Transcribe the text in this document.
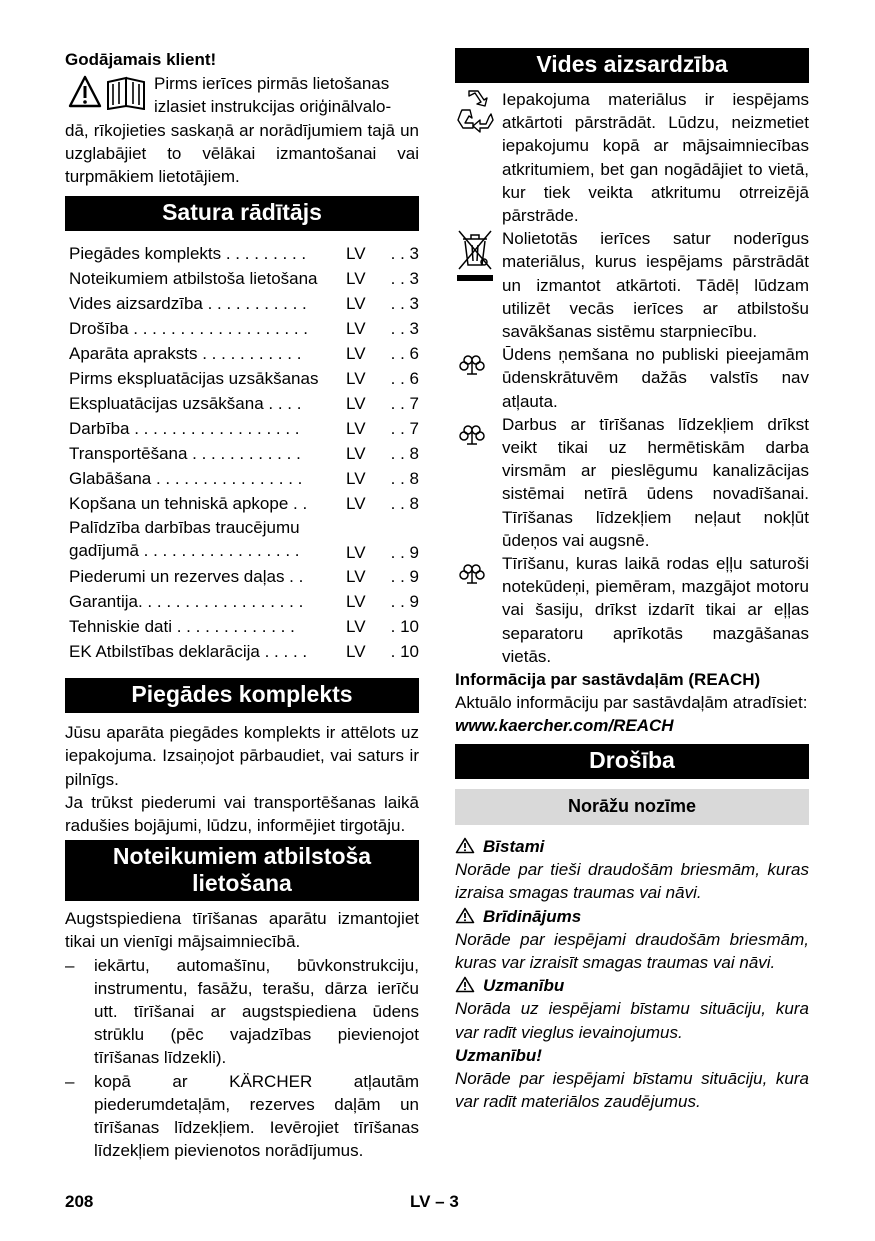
Godājamais klient!

Pirms ierīces pirmās lietošanas

izlasiet instrukcijas oriģinālvalo-

dā, rīkojieties saskaņā ar norādījumiem tajā un uzglabājiet to vēlākai izmantošanai vai turpmākiem lietotājiem.

Satura rādītājs
Piegādes komplekts . . . . . . . . .	LV	. . 3
Noteikumiem atbilstoša lietošana	LV	. . 3
Vides aizsardzība . . . . . . . . . . .	LV	. . 3
Drošība . . . . . . . . . . . . . . . . . . .	LV	. . 3
Aparāta apraksts . . . . . . . . . . .	LV	. . 6
Pirms ekspluatācijas uzsākšanas	LV	. . 6
Ekspluatācijas uzsākšana . . . .	LV	. . 7
Darbība . . . . . . . . . . . . . . . . . .	LV	. . 7
Transportēšana . . . . . . . . . . . .	LV	. . 8
Glabāšana . . . . . . . . . . . . . . . .	LV	. . 8
Kopšana un tehniskā apkope . .	LV	. . 8
Palīdzība darbības traucējumu gadījumā . . . . . . . . . . . . . . . . .	LV	. . 9
Piederumi un rezerves daļas . .	LV	. . 9
Garantija. . . . . . . . . . . . . . . . . .	LV	. . 9
Tehniskie dati . . . . . . . . . . . . .	LV	. 10
EK Atbilstības deklarācija . . . . .	LV	. 10
Piegādes komplekts

Jūsu aparāta piegādes komplekts ir attēlots uz iepakojuma. Izsaiņojot pārbaudiet, vai saturs ir pilnīgs.

Ja trūkst piederumi vai transportēšanas laikā radušies bojājumi, lūdzu, informējiet tirgotāju.

Noteikumiem atbilstoša
lietošana

Augstspiediena tīrīšanas aparātu izmantojiet tikai un vienīgi mājsaimniecībā.

– iekārtu, automašīnu, būvkonstrukciju, instrumentu, fasāžu, terašu, dārza ierīču utt. tīrīšanai ar augstspiediena ūdens strūklu (pēc vajadzības pievienojot tīrīšanas līdzekli).
– kopā ar KÄRCHER atļautām piederumdetaļām, rezerves daļām un tīrīšanas līdzekļiem. Ievērojiet tīrīšanas līdzekļiem pievienotos norādījumus.
Vides aizsardzība
Iepakojuma materiālus ir iespējams atkārtoti pārstrādāt. Lūdzu, neizmetiet iepakojumu kopā ar mājsaimniecības atkritumiem, bet gan nogādājiet to vietā, kur tiek veikta atkritumu otrreizējā pārstrāde.
Nolietotās ierīces satur noderīgus materiālus, kurus iespējams pārstrādāt un izmantot atkārtoti. Tādēļ lūdzam utilizēt vecās ierīces ar atbilstošu savākšanas sistēmu starpniecību.
Ūdens ņemšana no publiski pieejamām ūdenskrātuvēm dažās valstīs nav atļauta.
Darbus ar tīrīšanas līdzekļiem drīkst veikt tikai uz hermētiskām darba virsmām ar pieslēgumu kanalizācijas sistēmai netīrā ūdens novadīšanai. Tīrīšanas līdzekļiem neļaut nokļūt ūdeņos vai augsnē.
Tīrīšanu, kuras laikā rodas eļļu saturoši notekūdeņi, piemēram, mazgājot motoru vai šasiju, drīkst izdarīt tikai ar eļļas separatoru aprīkotās mazgāšanas vietās.

Informācija par sastāvdaļām (REACH)

Aktuālo informāciju par sastāvdaļām atradīsiet:

www.kaercher.com/REACH

Drošība
Norāžu nozīme

Bīstami

Norāde par tieši draudošām briesmām, kuras izraisa smagas traumas vai nāvi.

Brīdinājums

Norāde par iespējami draudošām briesmām, kuras var izraisīt smagas traumas vai nāvi.

Uzmanību

Norāda uz iespējami bīstamu situāciju, kura var radīt vieglus ievainojumus.

Uzmanību!

Norāde par iespējami bīstamu situāciju, kura var radīt materiālos zaudējumus.

208	LV – 3
